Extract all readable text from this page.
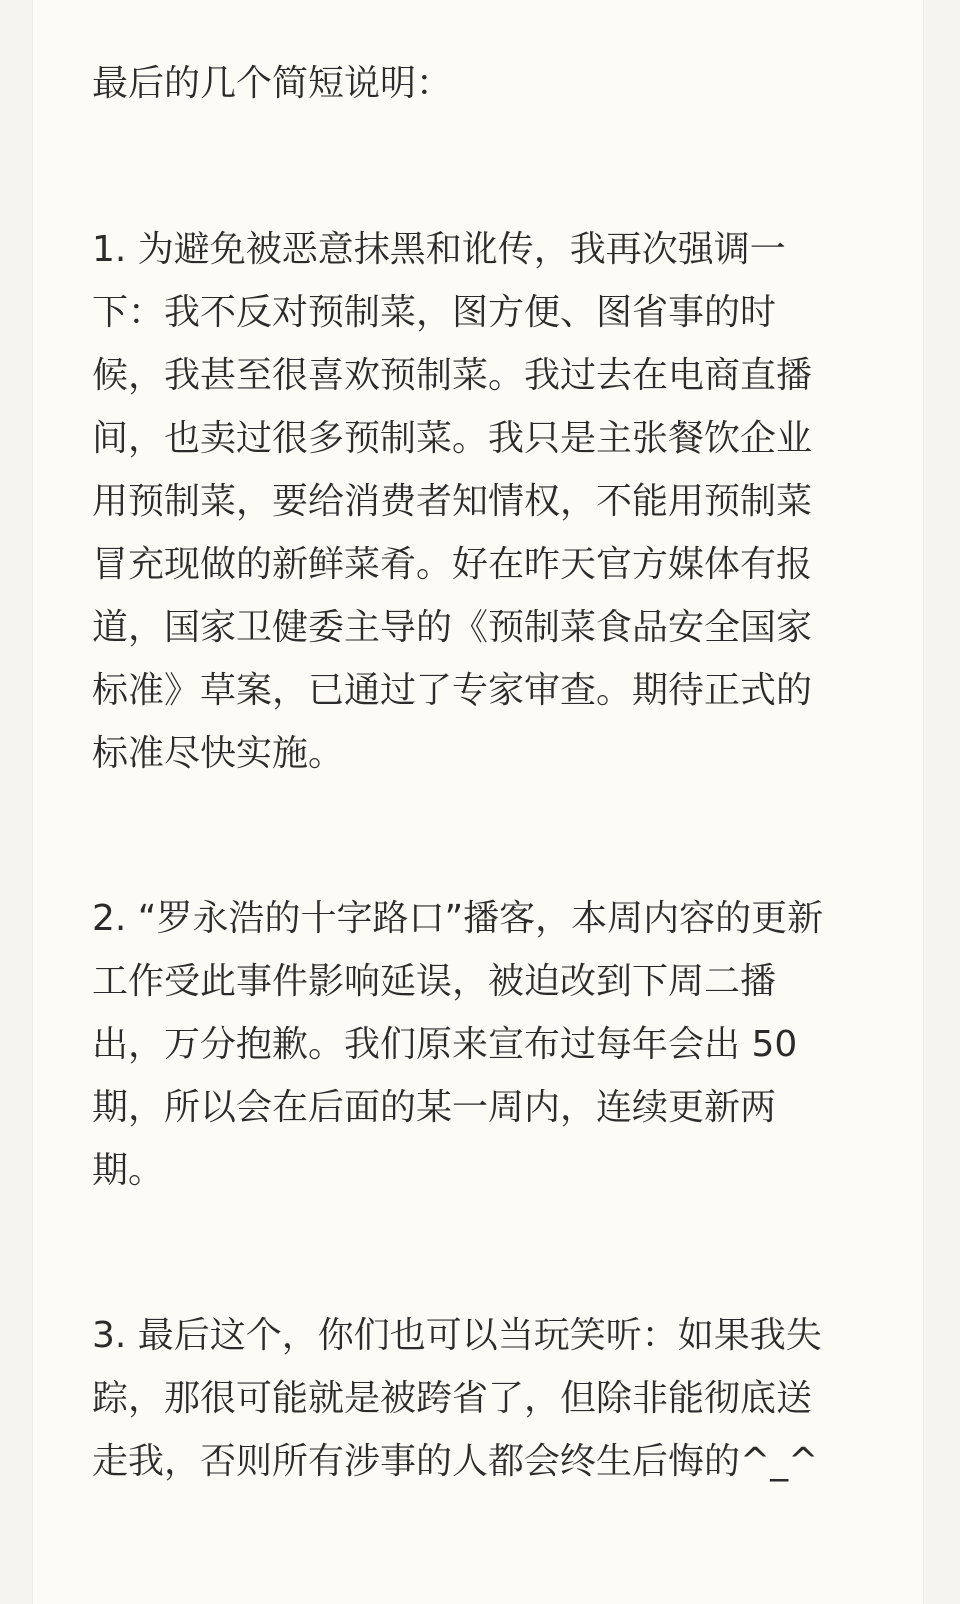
最后的几个简短说明：
1. 为避免被恶意抹黑和讹传，我再次强调一
下：我不反对预制菜，图方便、图省事的时
候，我甚至很喜欢预制菜。我过去在电商直播
间，也卖过很多预制菜。我只是主张餐饮企业
用预制菜，要给消费者知情权，不能用预制菜
冒充现做的新鲜菜肴。好在昨天官方媒体有报
道，国家卫健委主导的《预制菜食品安全国家
标准》草案，已通过了专家审查。期待正式的
标准尽快实施。
2. “罗永浩的十字路口”播客，本周内容的更新
工作受此事件影响延误，被迫改到下周二播
出，万分抱歉。我们原来宣布过每年会出 50
期，所以会在后面的某一周内，连续更新两
期。
3. 最后这个，你们也可以当玩笑听：如果我失
踪，那很可能就是被跨省了，但除非能彻底送
走我，否则所有涉事的人都会终生后悔的^_^
